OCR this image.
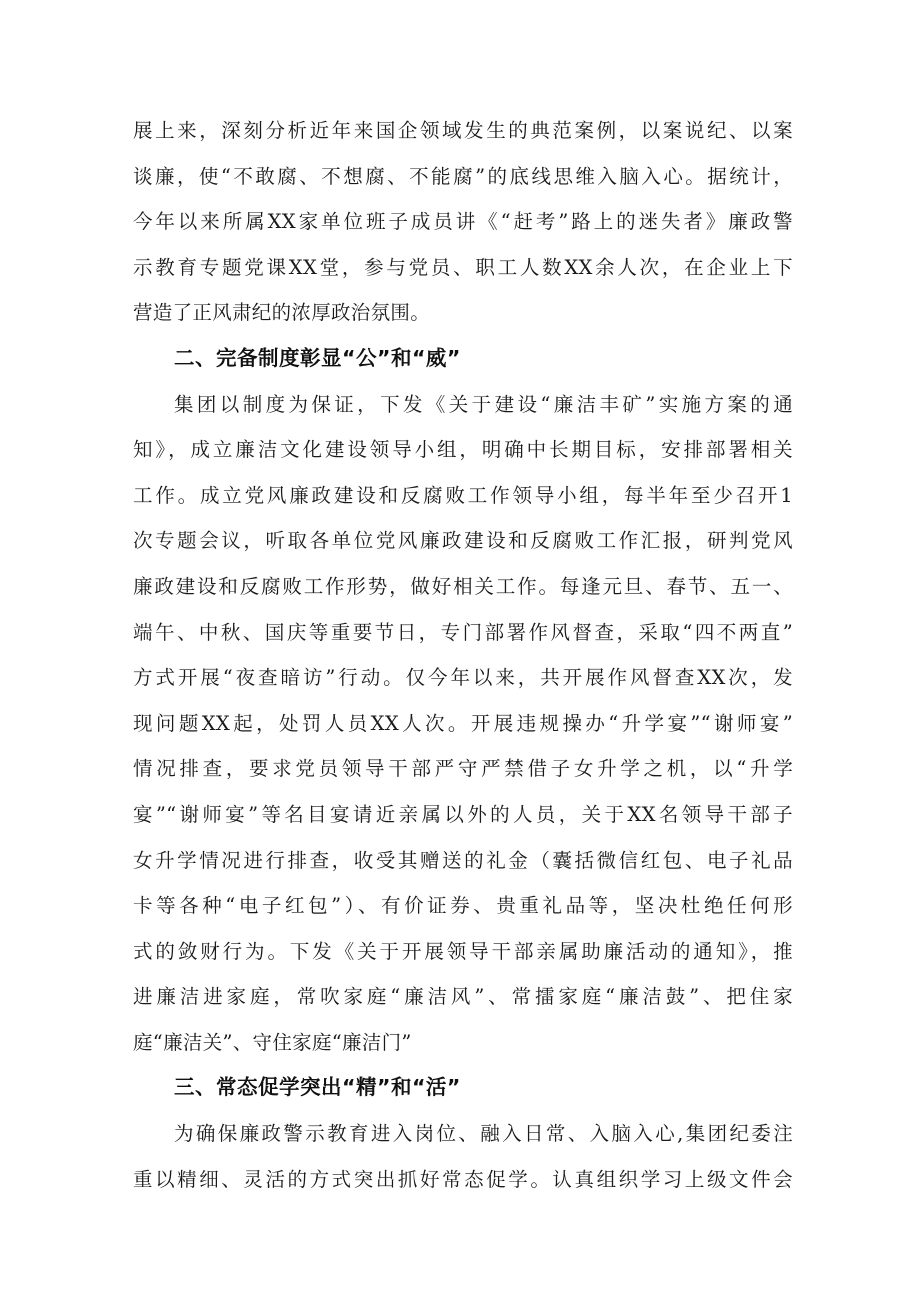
展上来，深刻分析近年来国企领域发生的典范案例，以案说纪、以案
谈廉，使“不敢腐、不想腐、不能腐”的底线思维入脑入心。据统计，
今年以来所属XX家单位班子成员讲《“赶考”路上的迷失者》廉政警
示教育专题党课XX堂，参与党员、职工人数XX余人次，在企业上下
营造了正风肃纪的浓厚政治氛围。
二、完备制度彰显“公”和“威”
集团以制度为保证，下发《关于建设“廉洁丰矿”实施方案的通
知》，成立廉洁文化建设领导小组，明确中长期目标，安排部署相关
工作。成立党风廉政建设和反腐败工作领导小组，每半年至少召开1
次专题会议，听取各单位党风廉政建设和反腐败工作汇报，研判党风
廉政建设和反腐败工作形势，做好相关工作。每逢元旦、春节、五一、
端午、中秋、国庆等重要节日，专门部署作风督查，采取“四不两直”
方式开展“夜查暗访”行动。仅今年以来，共开展作风督查XX次，发
现问题XX起，处罚人员XX人次。开展违规操办“升学宴”“谢师宴”
情况排查，要求党员领导干部严守严禁借子女升学之机，以“升学
宴”“谢师宴”等名目宴请近亲属以外的人员，关于XX名领导干部子
女升学情况进行排查，收受其赠送的礼金（囊括微信红包、电子礼品
卡等各种“电子红包”）、有价证券、贵重礼品等，坚决杜绝任何形
式的敛财行为。下发《关于开展领导干部亲属助廉活动的通知》，推
进廉洁进家庭，常吹家庭“廉洁风”、常擂家庭“廉洁鼓”、把住家
庭“廉洁关”、守住家庭“廉洁门”
三、常态促学突出“精”和“活”
为确保廉政警示教育进入岗位、融入日常、入脑入心,集团纪委注
重以精细、灵活的方式突出抓好常态促学。认真组织学习上级文件会
